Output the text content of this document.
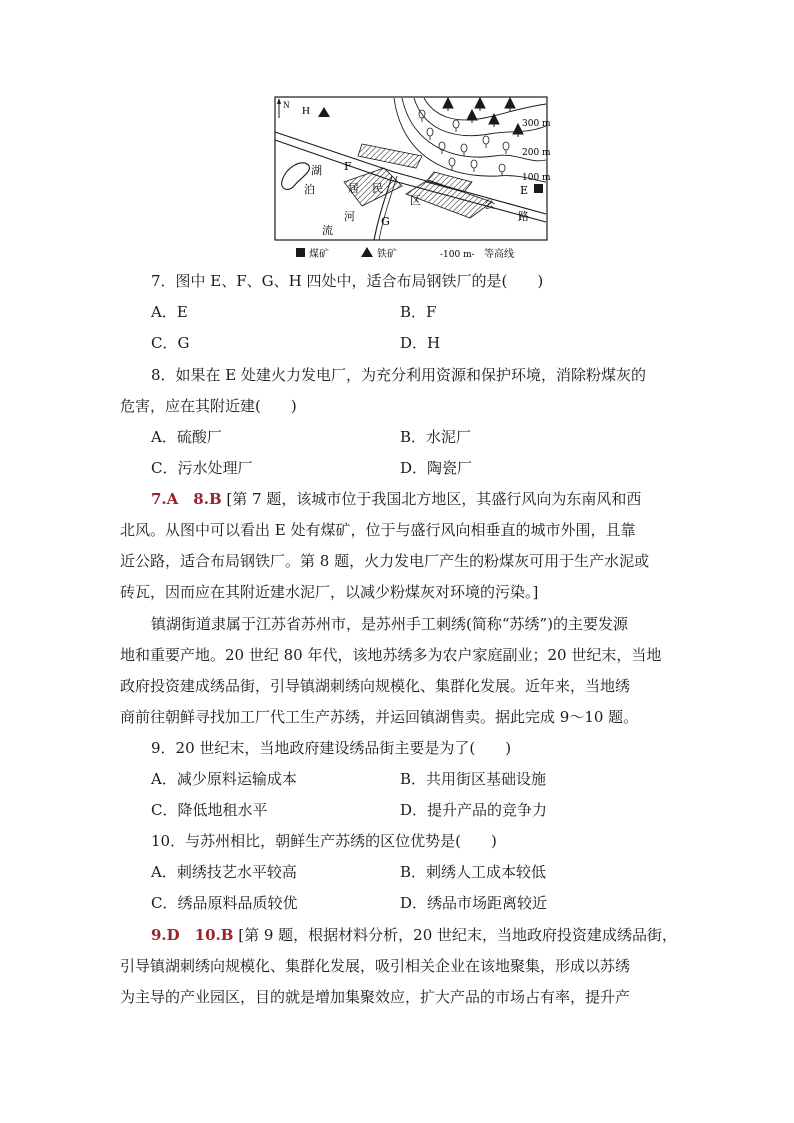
N H
湖
泊
F
居 民
区
河
流
G
公
路
300 m
200 m
100 m
E
煤矿	铁矿	-100 m- 等高线
7．图中 E、F、G、H 四处中，适合布局钢铁厂的是(　　)
A．E	B．F
C．G	D．H
8．如果在 E 处建火力发电厂，为充分利用资源和保护环境，消除粉煤灰的
危害，应在其附近建(　　)
A．硫酸厂	B．水泥厂
C．污水处理厂	D．陶瓷厂
7.A　8.B [第 7 题，该城市位于我国北方地区，其盛行风向为东南风和西
北风。从图中可以看出 E 处有煤矿，位于与盛行风向相垂直的城市外围，且靠
近公路，适合布局钢铁厂。第 8 题，火力发电厂产生的粉煤灰可用于生产水泥或
砖瓦，因而应在其附近建水泥厂，以减少粉煤灰对环境的污染。]
镇湖街道隶属于江苏省苏州市，是苏州手工刺绣(简称“苏绣”)的主要发源
地和重要产地。20 世纪 80 年代，该地苏绣多为农户家庭副业；20 世纪末，当地
政府投资建成绣品街，引导镇湖刺绣向规模化、集群化发展。近年来，当地绣
商前往朝鲜寻找加工厂代工生产苏绣，并运回镇湖售卖。据此完成 9～10 题。
9．20 世纪末，当地政府建设绣品街主要是为了(　　)
A．减少原料运输成本	B．共用街区基础设施
C．降低地租水平	D．提升产品的竞争力
10．与苏州相比，朝鲜生产苏绣的区位优势是(　　)
A．刺绣技艺水平较高	B．刺绣人工成本较低
C．绣品原料品质较优	D．绣品市场距离较近
9.D　10.B [第 9 题，根据材料分析，20 世纪末，当地政府投资建成绣品街，
引导镇湖刺绣向规模化、集群化发展，吸引相关企业在该地聚集，形成以苏绣
为主导的产业园区，目的就是增加集聚效应，扩大产品的市场占有率，提升产
